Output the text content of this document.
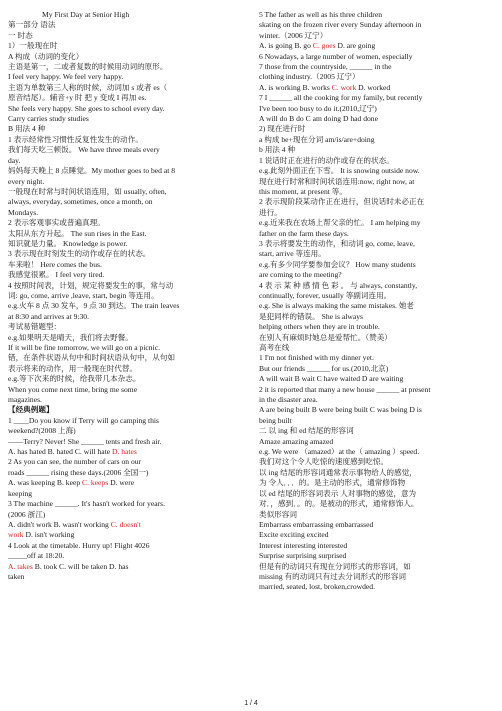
My First Day at Senior High
第一部分 语法
一 时态
1）一般现在时
A 构成（动词的变化）
主语是第一，二或者复数的时候用动词的原形。
I feel very happy. We feel very happy.
主语为单数第三人称的时候，动词加 s 或者 es（
原音结尾）。辅音+y 时 把 y 变成 I 再加 es.
She feels very happy. She goes to school every day.
Carry carries study studies
B 用法 4 种
1 表示经常性习惯性反复性发生的动作。
我们每天吃三顿饭。 We have three meals every
day.
妈妈每天晚上 8 点睡觉。My mother goes to bed at 8
every night.
一般现在时常与时间状语连用，如 usually, often,
always, everyday, sometimes, once a month, on
Mondays.
2 表示客观事实或普遍真理。
太阳从东方升起。 The sun rises in the East.
知识就是力量。 Knowledge is power.
3 表示现在时刻发生的动作或存在的状态。
车来啦！ Here comes the bus.
我感觉很累。 I feel very tired.
4 按照时间表，计划，规定将要发生的事，常与动
词: go, come, arrive ,leave, start, begin 等连用。
e.g.火车 8 点 30 发车，9 点 30 到达。The train leaves
at 8:30 and arrives at 9:30.
考试易错题型：
e.g.如果明天是晴天，我们将去野餐。
If it will be fine tomorrow, we will go on a picnic.
错，在条件状语从句中和时间状语从句中，从句如
表示将来的动作，用一般现在时代替。
e.g.等下次来的时候，给我带几本杂志。
When you come next time, bring me some
magazines.
【经典例题】
1 ____Do you know if Terry will go camping this
weekend?(2008 上海)
——Terry? Never! She ______ tents and fresh air.
A. has hated B. hated C. will hate D. hates
2 As you can see, the number of cars on our
roads ______ rising these days.(2006 全国一)
A. was keeping B. keep C. keeps D. were
keeping
3 The machine ______. It's hasn't worked for years.
(2006 浙江)
A. didn't work B. wasn't working C. doesn't
work D. isn't working
4 Look at the timetable. Hurry up! Flight 4026
_____off at 18:20.
A. takes B. took C. will be taken D. has
taken
5 The father as well as his three children
skating on the frozen river every Sunday afternoon in
winter.（2006 辽宁）
A. is going B. go C. goes D. are going
6 Nowadays, a large number of women, especially
7 those from the countryside, ______ in the
clothing industry.（2005 辽宁）
A. is working B. works C. work D. worked
7 I ______ all the cooking for my family, but recently
I've been too busy to do it.(2010,辽宁)
A will do B do C am doing D had done
2) 现在进行时
a 构成 be+现在分词 am/is/are+doing
b 用法 4 种
1 说话时正在进行的动作或存在的状态。
e.g.此刻外面正在下雪。 It is snowing outside now.
现在进行时常和时间状语连用:now, right now, at
this moment, at present 等。
2 表示现阶段某动作正在进行，但说话时未必正在
进行。
e.g.近来我在农场上帮父亲的忙。 I am helping my
father on the farm these days.
3 表示将要发生的动作，和动词 go, come, leave,
start, arrive 等连用。
e.g.有多少同学要参加会议？ How many students
are coming to the meeting?
4 表 示 某 种 感 情 色 彩 。 与 always, constantly,
continually, forever, usually 等副词连用。
e.g. She is always making the same mistakes. 她老
是犯同样的错误。 She is always
helping others when they are in trouble.
在别人有麻烦时她总是爱帮忙。（赞美）
高考在线
1 I'm not finished with my dinner yet.
But our friends ______ for us.(2010,北京)
A will wait B wait C have waited D are waiting
2 it is reported that many a new house ______ at present
in the disaster area.
A are being built B were being built C was being D is
being built
二 以 ing 和 ed 结尾的形容词
Amaze amazing amazed
e.g. We were （amazed）at the（ amazing ）speed.
我们对这个令人吃惊的速度感到吃惊。
以 ing 结尾的形容词通常表示事物给人的感觉，
为 令人．．．的。是主动的形式，通常修饰物
以 ed 结尾的形容词表示 人对事物的感觉，意为
对．，感到．。的。是被动的形式，通常修饰人。
类似形容词
Embarrass embarrassing embarrassed
Excite exciting excited
Interest interesting interested
Surprise surprising surprised
但是有的动词只有现在分词形式的形容词，如
missing 有的动词只有过去分词形式的形容词
married, seated, lost, broken,crowded.
1 / 4
